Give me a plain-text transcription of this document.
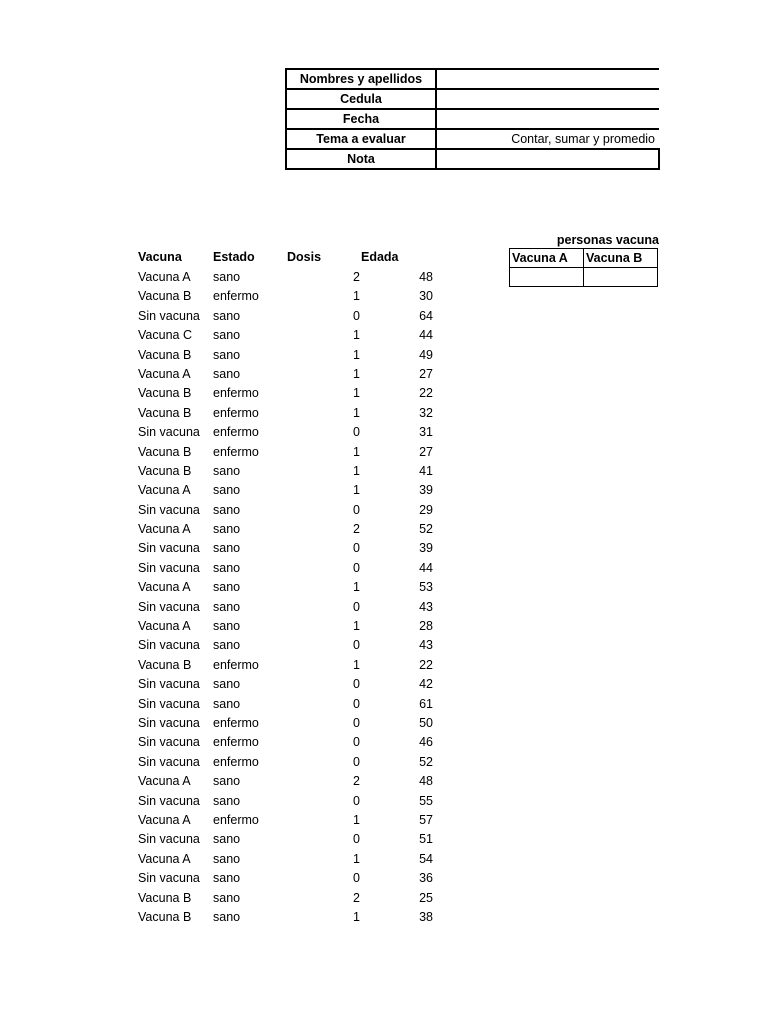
Nombres y apellidos	
Cedula	
Fecha	
Tema a evaluar	Contar, sumar y promedio
Nota	
personas vacuna
Vacuna A	Vacuna B

Vacuna Estado	Dosis	Edada
Vacuna A sano	2	48
Vacuna B enfermo	1	30
Sin vacuna sano	0	64
Vacuna C sano	1	44
Vacuna B sano	1	49
Vacuna A sano	1	27
Vacuna B enfermo	1	22
Vacuna B enfermo	1	32
Sin vacuna enfermo	0	31
Vacuna B enfermo	1	27
Vacuna B sano	1	41
Vacuna A sano	1	39
Sin vacuna sano	0	29
Vacuna A sano	2	52
Sin vacuna sano	0	39
Sin vacuna sano	0	44
Vacuna A sano	1	53
Sin vacuna sano	0	43
Vacuna A sano	1	28
Sin vacuna sano	0	43
Vacuna B enfermo	1	22
Sin vacuna sano	0	42
Sin vacuna sano	0	61
Sin vacuna enfermo	0	50
Sin vacuna enfermo	0	46
Sin vacuna enfermo	0	52
Vacuna A sano	2	48
Sin vacuna sano	0	55
Vacuna A enfermo	1	57
Sin vacuna sano	0	51
Vacuna A sano	1	54
Sin vacuna sano	0	36
Vacuna B sano	2	25
Vacuna B sano	1	38
